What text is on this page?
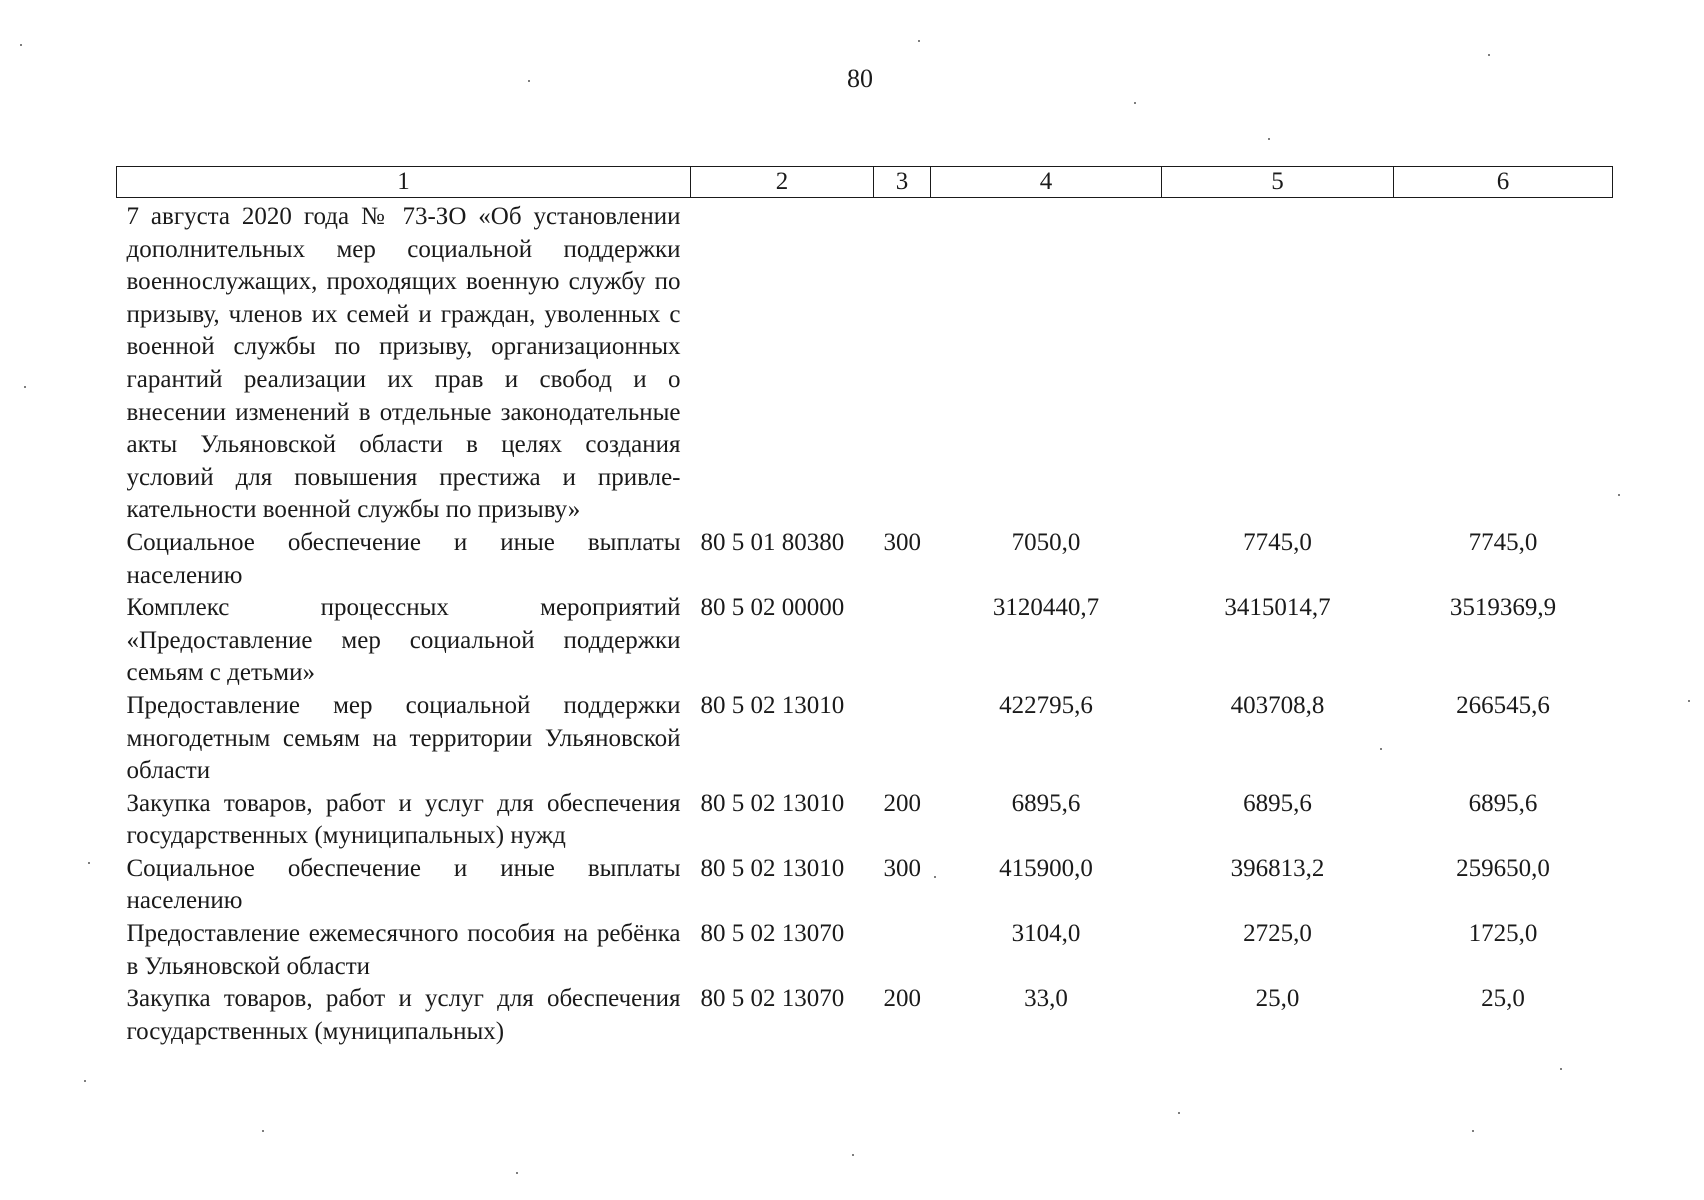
80
1	2	3	4	5	6
7 августа 2020 года № 73-ЗО «Об установлении дополнительных мер социальной поддержки военнослужащих, проходящих военную службу по призыву, членов их семей и граждан, уволенных с военной службы по призыву, организационных гарантий реализации их прав и свобод и о внесении изменений в отдельные законодательные акты Ульяновской области в целях создания условий для повышения престижа и привлекательности военной службы по призыву»					
Социальное обеспечение и иные выплаты населению	80 5 01 80380	300	7050,0	7745,0	7745,0
Комплекс процессных мероприятий «Предоставление мер социальной поддержки семьям с детьми»	80 5 02 00000		3120440,7	3415014,7	3519369,9
Предоставление мер социальной поддержки многодетным семьям на территории Ульяновской области	80 5 02 13010		422795,6	403708,8	266545,6
Закупка товаров, работ и услуг для обеспечения государственных (муниципальных) нужд	80 5 02 13010	200	6895,6	6895,6	6895,6
Социальное обеспечение и иные выплаты населению	80 5 02 13010	300	415900,0	396813,2	259650,0
Предоставление ежемесячного пособия на ребёнка в Ульяновской области	80 5 02 13070		3104,0	2725,0	1725,0
Закупка товаров, работ и услуг для обеспечения государственных (муниципальных)	80 5 02 13070	200	33,0	25,0	25,0
